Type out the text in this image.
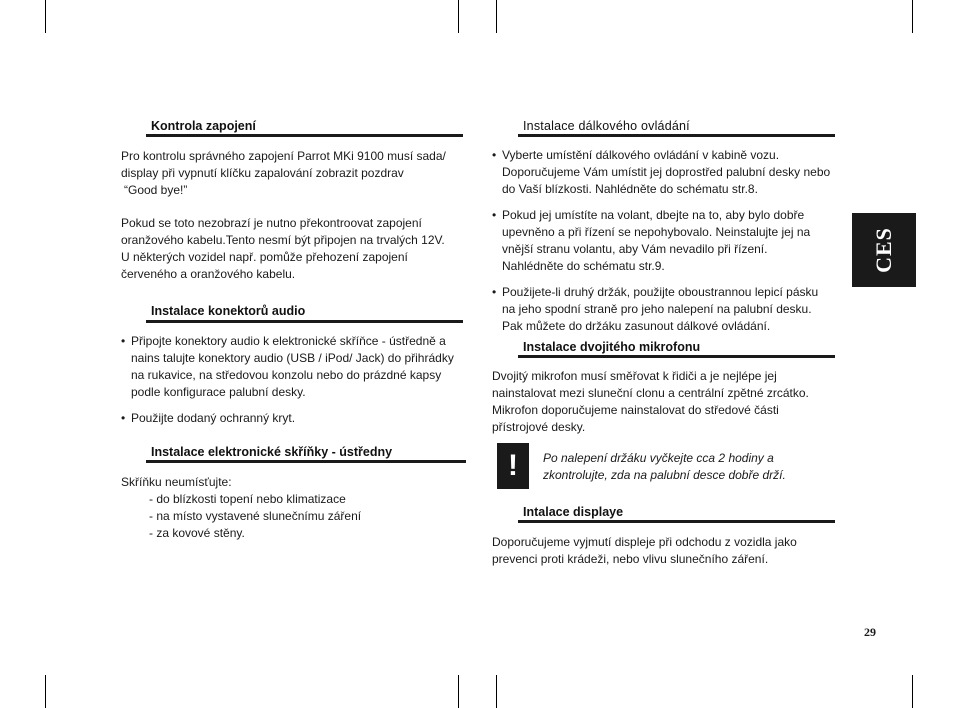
Kontrola zapojení
Pro kontrolu správného zapojení Parrot MKi 9100 musí sada/
display při vypnutí klíčku zapalování zobrazit pozdrav
“Good bye!”
Pokud se toto nezobrazí je nutno překontroovat zapojení
oranžového kabelu.Tento nesmí být připojen na trvalých 12V.
U některých vozidel např. pomůže přehození zapojení
červeného a oranžového kabelu.
Instalace konektorů audio
• Připojte konektory audio k elektronické skříňce - ústředně a nains talujte konektory audio (USB / iPod/ Jack) do přihrádky na rukavice, na středovou konzolu nebo do prázdné kapsy podle konfigurace palubní desky.
• Použijte dodaný ochranný kryt.
Instalace elektronické skříňky - ústředny
Skříňku neumísťujte:
- do blízkosti topení nebo klimatizace
- na místo vystavené slunečnímu záření
- za kovové stěny.
Instalace dálkového ovládání
• Vyberte umístění dálkového ovládání v kabině vozu. Doporučujeme Vám umístit jej doprostřed palubní desky nebo do Vaší blízkosti. Nahlédněte do schématu str.8.
• Pokud jej umístíte na volant, dbejte na to, aby bylo dobře upevněno a při řízení se nepohybovalo. Neinstalujte jej na vnější stranu volantu, aby Vám nevadilo při řízení. Nahlédněte do schématu str.9.
• Použijete-li druhý držák, použijte oboustrannou lepicí pásku na jeho spodní straně pro jeho nalepení na palubní desku. Pak můžete do držáku zasunout dálkové ovládání.
Instalace dvojitého mikrofonu
Dvojitý mikrofon musí směřovat k řidiči a je nejlépe jej
nainstalovat mezi sluneční clonu a centrální zpětné zrcátko.
Mikrofon doporučujeme nainstalovat do středové části
přístrojové desky.
!	Po nalepení držáku vyčkejte cca 2 hodiny a
zkontrolujte, zda na palubní desce dobře drží.
Intalace displaye
Doporučujeme vyjmutí displeje při odchodu z vozidla jako
prevenci proti krádeži, nebo vlivu slunečního záření.
CES
29
